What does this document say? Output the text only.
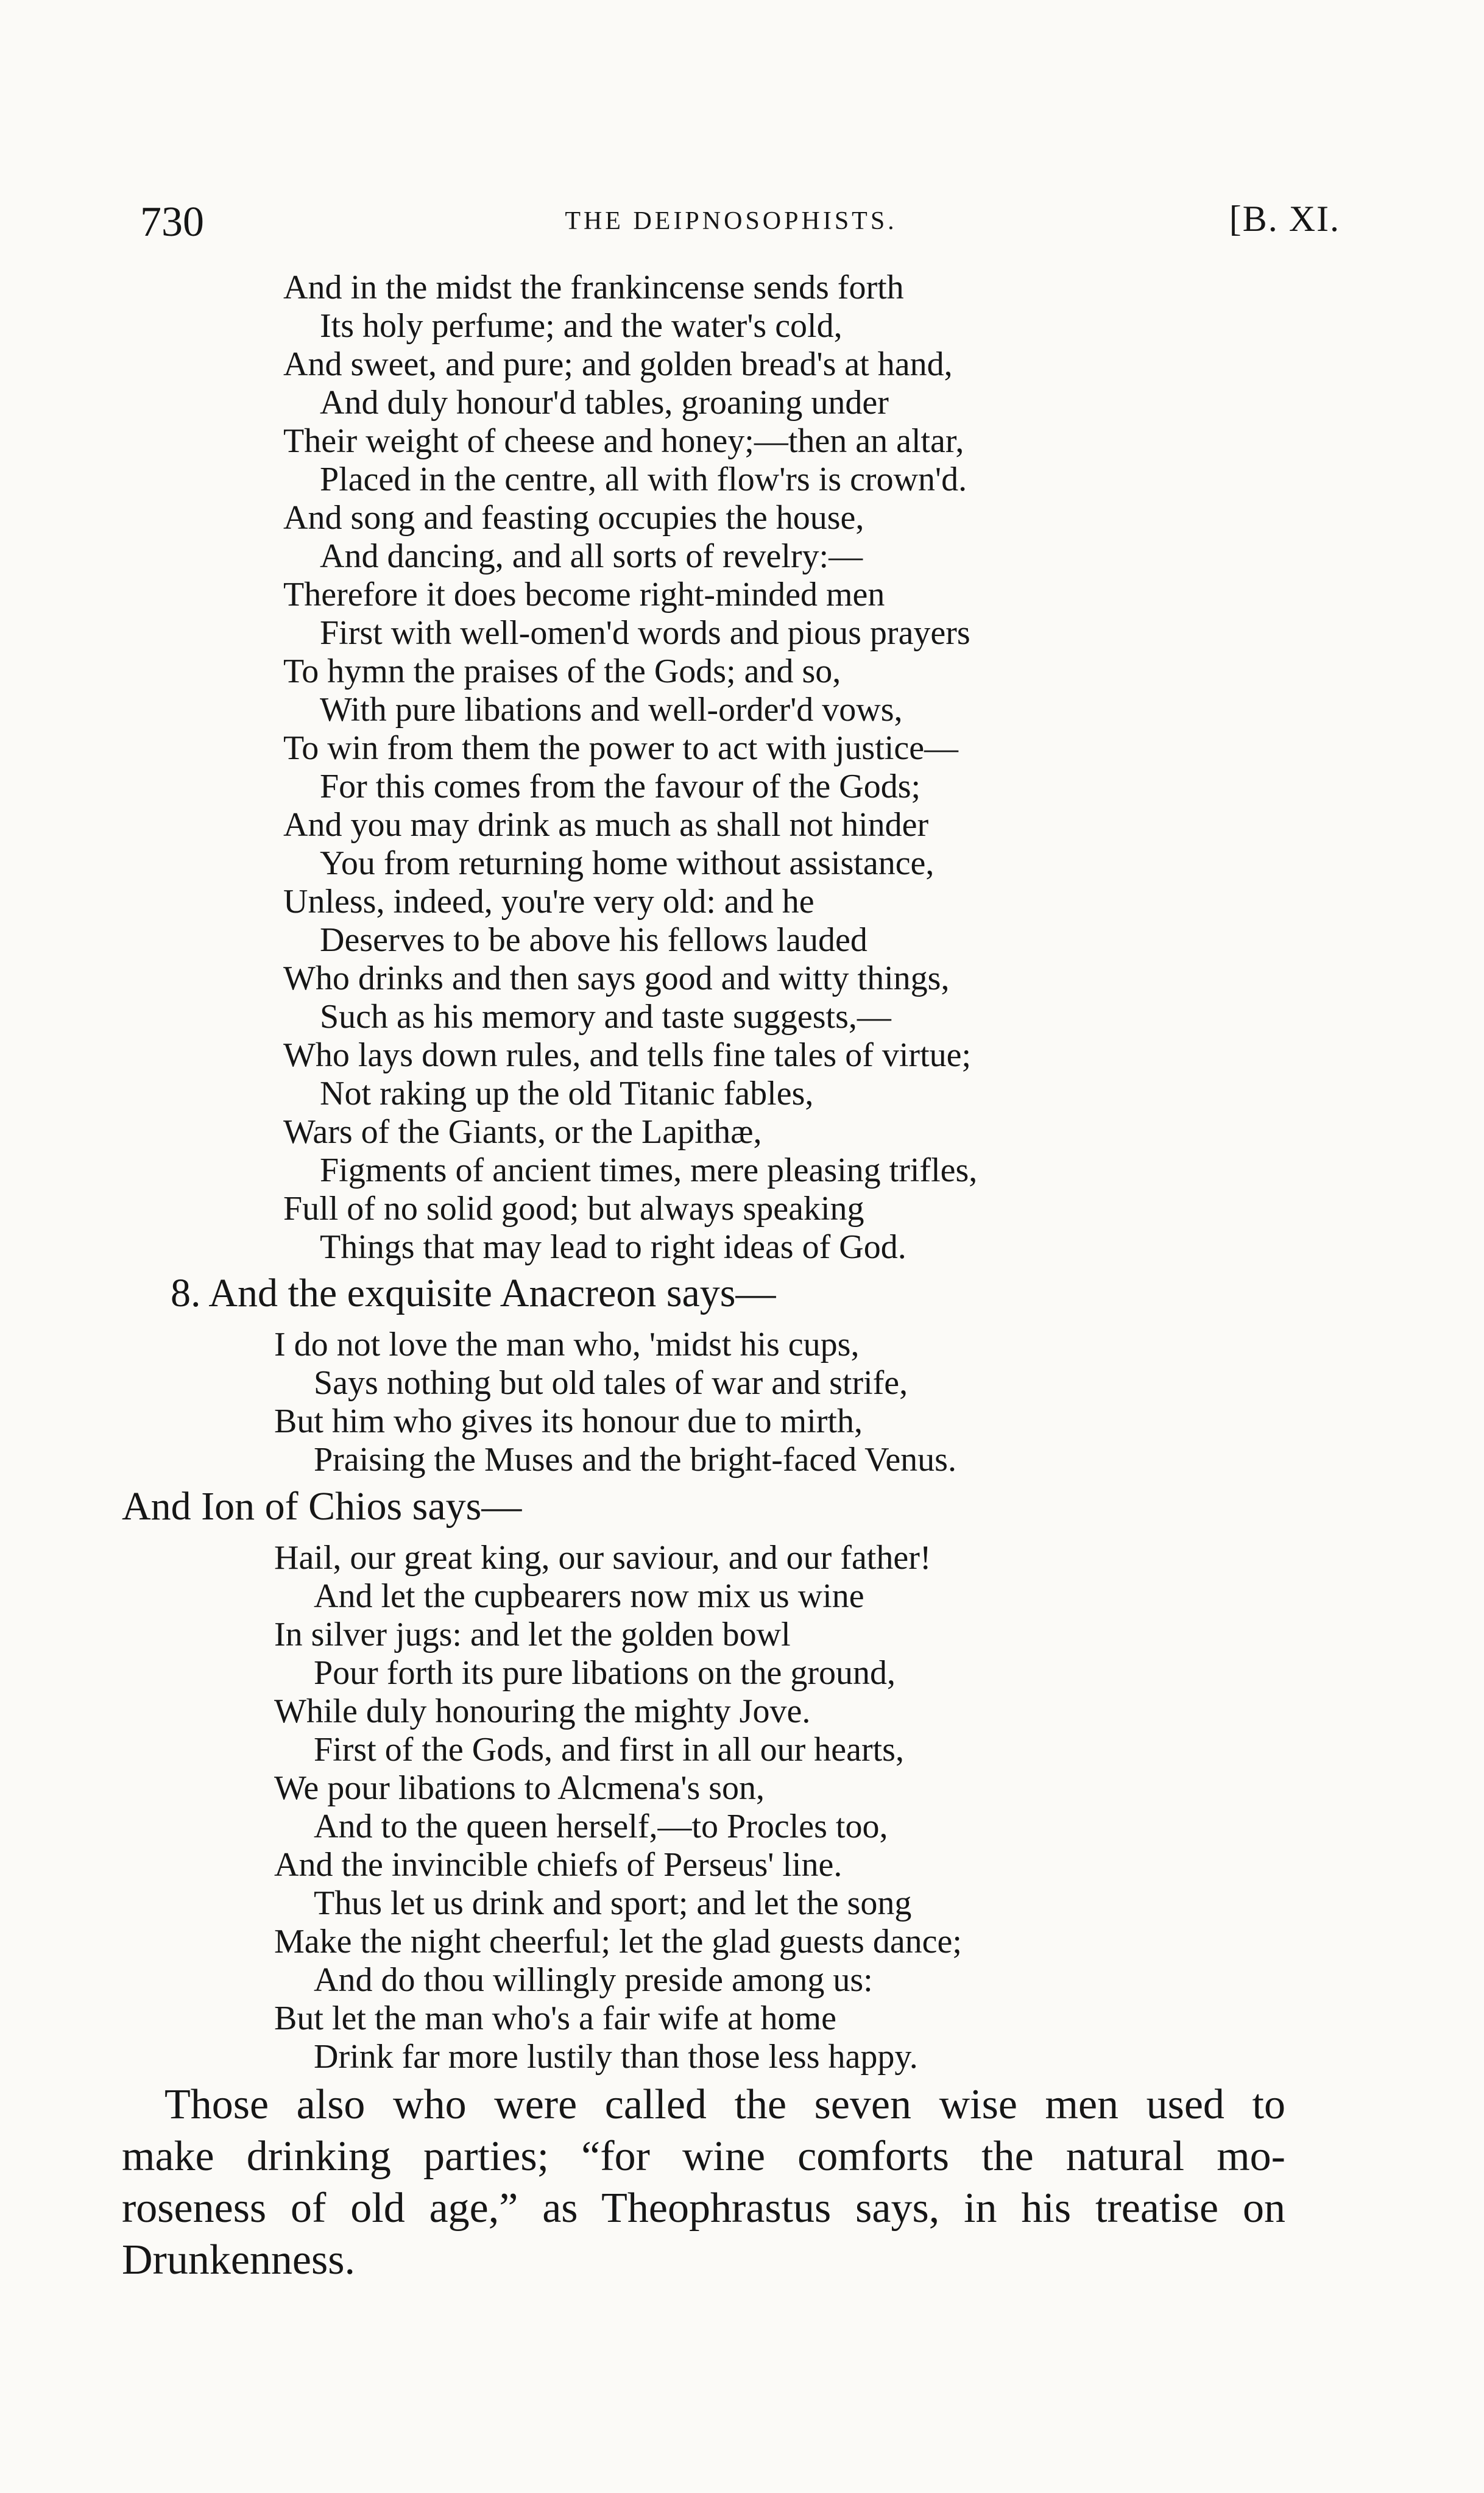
730	THE DEIPNOSOPHISTS.	[B. XI.
And in the midst the frankincense sends forth
Its holy perfume; and the water's cold,
And sweet, and pure; and golden bread's at hand,
And duly honour'd tables, groaning under
Their weight of cheese and honey;—then an altar,
Placed in the centre, all with flow'rs is crown'd.
And song and feasting occupies the house,
And dancing, and all sorts of revelry:—
Therefore it does become right-minded men
First with well-omen'd words and pious prayers
To hymn the praises of the Gods; and so,
With pure libations and well-order'd vows,
To win from them the power to act with justice—
For this comes from the favour of the Gods;
And you may drink as much as shall not hinder
You from returning home without assistance,
Unless, indeed, you're very old: and he
Deserves to be above his fellows lauded
Who drinks and then says good and witty things,
Such as his memory and taste suggests,—
Who lays down rules, and tells fine tales of virtue;
Not raking up the old Titanic fables,
Wars of the Giants, or the Lapithæ,
Figments of ancient times, mere pleasing trifles,
Full of no solid good; but always speaking
Things that may lead to right ideas of God.
8. And the exquisite Anacreon says—
I do not love the man who, 'midst his cups,
Says nothing but old tales of war and strife,
But him who gives its honour due to mirth,
Praising the Muses and the bright-faced Venus.
And Ion of Chios says—
Hail, our great king, our saviour, and our father!
And let the cupbearers now mix us wine
In silver jugs: and let the golden bowl
Pour forth its pure libations on the ground,
While duly honouring the mighty Jove.
First of the Gods, and first in all our hearts,
We pour libations to Alcmena's son,
And to the queen herself,—to Procles too,
And the invincible chiefs of Perseus' line.
Thus let us drink and sport; and let the song
Make the night cheerful; let the glad guests dance;
And do thou willingly preside among us:
But let the man who's a fair wife at home
Drink far more lustily than those less happy.
Those also who were called the seven wise men used to
make drinking parties; “for wine comforts the natural mo-
roseness of old age,” as Theophrastus says, in his treatise on
Drunkenness.
